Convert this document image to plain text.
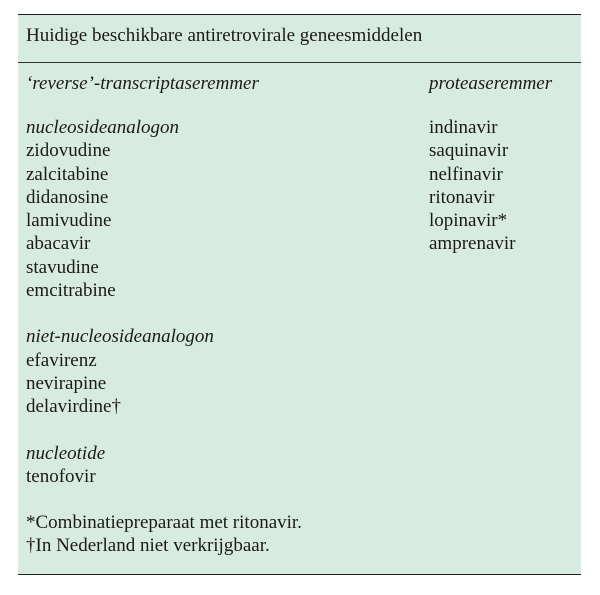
Huidige beschikbare antiretrovirale geneesmiddelen
‘reverse’-transcriptaseremmer	proteaseremmer
nucleosideanalogon
zidovudine
zalcitabine
didanosine
lamivudine
abacavir
stavudine
emcitrabine
niet-nucleosideanalogon
efavirenz
nevirapine
delavirdine†
nucleotide
tenofovir
*Combinatiepreparaat met ritonavir.
†In Nederland niet verkrijgbaar.
indinavir
saquinavir
nelfinavir
ritonavir
lopinavir*
amprenavir
